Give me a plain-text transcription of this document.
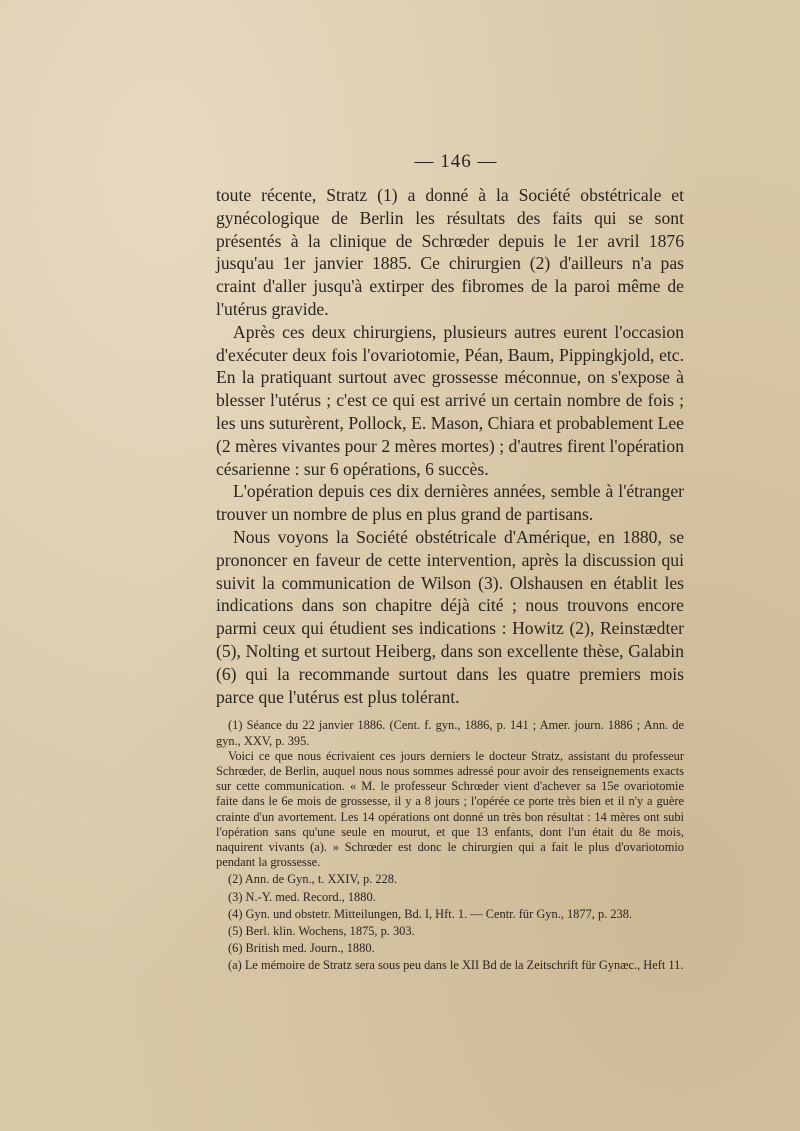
— 146 —

toute récente, Stratz (1) a donné à la Société obstétricale et gynécologique de Berlin les résultats des faits qui se sont présentés à la clinique de Schrœder depuis le 1er avril 1876 jusqu'au 1er janvier 1885. Ce chirurgien (2) d'ailleurs n'a pas craint d'aller jusqu'à extirper des fibromes de la paroi même de l'utérus gravide.

Après ces deux chirurgiens, plusieurs autres eurent l'occasion d'exécuter deux fois l'ovariotomie, Péan, Baum, Pippingkjold, etc. En la pratiquant surtout avec grossesse méconnue, on s'expose à blesser l'utérus ; c'est ce qui est arrivé un certain nombre de fois ; les uns suturèrent, Pollock, E. Mason, Chiara et probablement Lee (2 mères vivantes pour 2 mères mortes) ; d'autres firent l'opération césarienne : sur 6 opérations, 6 succès.

L'opération depuis ces dix dernières années, semble à l'étranger trouver un nombre de plus en plus grand de partisans.

Nous voyons la Société obstétricale d'Amérique, en 1880, se prononcer en faveur de cette intervention, après la discussion qui suivit la communication de Wilson (3). Olshausen en établit les indications dans son chapitre déjà cité ; nous trouvons encore parmi ceux qui étudient ses indications : Howitz (2), Reinstædter (5), Nolting et surtout Heiberg, dans son excellente thèse, Galabin (6) qui la recommande surtout dans les quatre premiers mois parce que l'utérus est plus tolérant.

(1) Séance du 22 janvier 1886. (Cent. f. gyn., 1886, p. 141 ; Amer. journ. 1886 ; Ann. de gyn., XXV, p. 395.

Voici ce que nous écrivaient ces jours derniers le docteur Stratz, assistant du professeur Schrœder, de Berlin, auquel nous nous sommes adressé pour avoir des renseignements exacts sur cette communication. « M. le professeur Schrœder vient d'achever sa 15e ovariotomie faite dans le 6e mois de grossesse, il y a 8 jours ; l'opérée ce porte très bien et il n'y a guère crainte d'un avortement. Les 14 opérations ont donné un très bon résultat : 14 mères ont subi l'opération sans qu'une seule en mourut, et que 13 enfants, dont l'un était du 8e mois, naquirent vivants (a). » Schrœder est donc le chirurgien qui a fait le plus d'ovariotomio pendant la grossesse.

(2) Ann. de Gyn., t. XXIV, p. 228.

(3) N.-Y. med. Record., 1880.

(4) Gyn. und obstetr. Mitteilungen, Bd. I, Hft. 1. — Centr. für Gyn., 1877, p. 238.

(5) Berl. klin. Wochens, 1875, p. 303.

(6) British med. Journ., 1880.

(a) Le mémoire de Stratz sera sous peu dans le XII Bd de la Zeitschrift für Gynæc., Heft 11.
